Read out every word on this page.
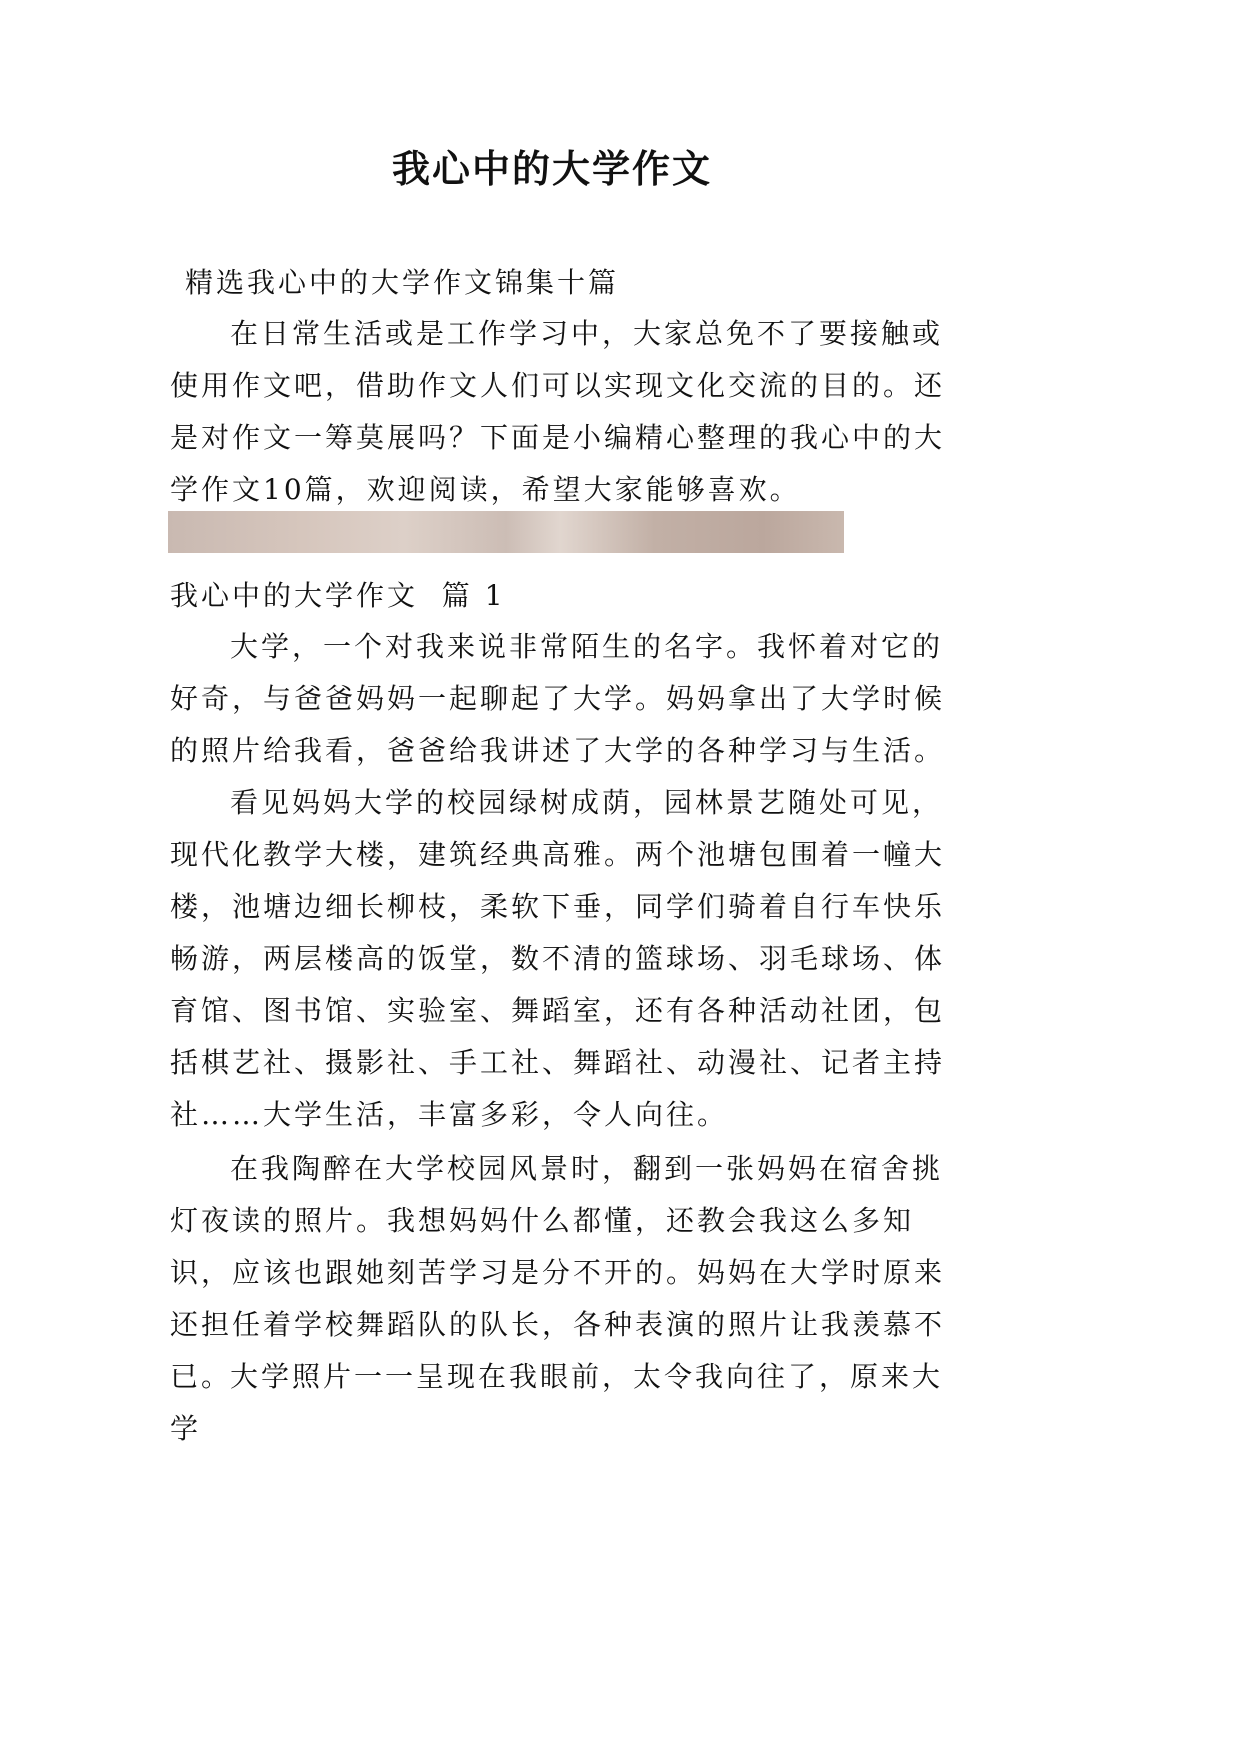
我心中的大学作文

精选我心中的大学作文锦集十篇

在日常生活或是工作学习中，大家总免不了要接触或使用作文吧，借助作文人们可以实现文化交流的目的。还是对作文一筹莫展吗？下面是小编精心整理的我心中的大学作文10篇，欢迎阅读，希望大家能够喜欢。

我心中的大学作文  篇 1

大学，一个对我来说非常陌生的名字。我怀着对它的好奇，与爸爸妈妈一起聊起了大学。妈妈拿出了大学时候的照片给我看，爸爸给我讲述了大学的各种学习与生活。

看见妈妈大学的校园绿树成荫，园林景艺随处可见，现代化教学大楼，建筑经典高雅。两个池塘包围着一幢大楼，池塘边细长柳枝，柔软下垂，同学们骑着自行车快乐畅游，两层楼高的饭堂，数不清的篮球场、羽毛球场、体育馆、图书馆、实验室、舞蹈室，还有各种活动社团，包括棋艺社、摄影社、手工社、舞蹈社、动漫社、记者主持社……大学生活，丰富多彩，令人向往。

在我陶醉在大学校园风景时，翻到一张妈妈在宿舍挑灯夜读的照片。我想妈妈什么都懂，还教会我这么多知识，应该也跟她刻苦学习是分不开的。妈妈在大学时原来还担任着学校舞蹈队的队长，各种表演的照片让我羡慕不已。

大学照片一一呈现在我眼前，太令我向往了，原来大学
